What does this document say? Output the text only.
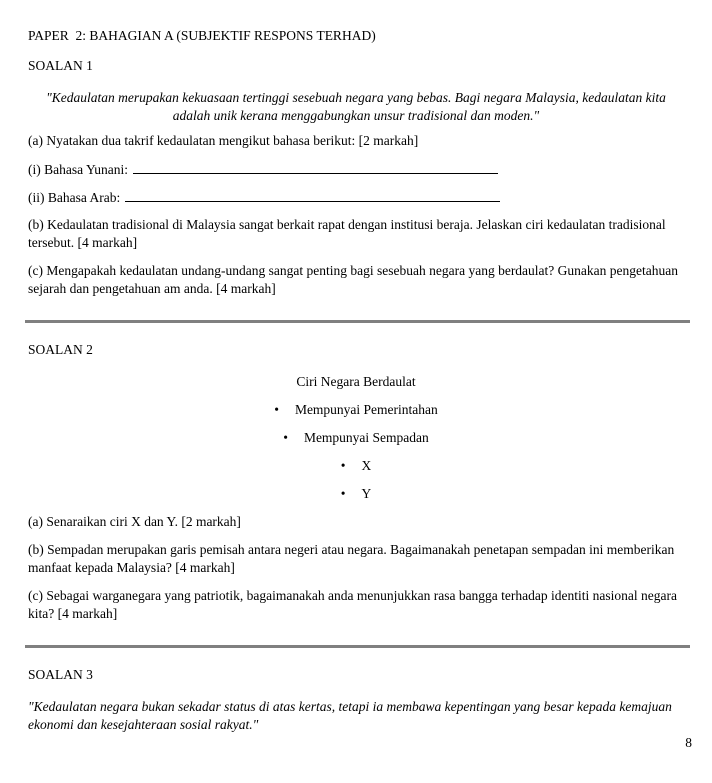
PAPER  2: BAHAGIAN A (SUBJEKTIF RESPONS TERHAD)
SOALAN 1
"Kedaulatan merupakan kekuasaan tertinggi sesebuah negara yang bebas. Bagi negara Malaysia, kedaulatan kita adalah unik kerana menggabungkan unsur tradisional dan moden."

(a) Nyatakan dua takrif kedaulatan mengikut bahasa berikut: [2 markah]

(i) Bahasa Yunani:
(ii) Bahasa Arab:

(b) Kedaulatan tradisional di Malaysia sangat berkait rapat dengan institusi beraja. Jelaskan ciri kedaulatan tradisional tersebut. [4 markah]

(c) Mengapakah kedaulatan undang-undang sangat penting bagi sesebuah negara yang berdaulat? Gunakan pengetahuan sejarah dan pengetahuan am anda. [4 markah]

SOALAN 2
Ciri Negara Berdaulat
• Mempunyai Pemerintahan
• Mempunyai Sempadan
• X
• Y

(a) Senaraikan ciri X dan Y. [2 markah]

(b) Sempadan merupakan garis pemisah antara negeri atau negara. Bagaimanakah penetapan sempadan ini memberikan manfaat kepada Malaysia? [4 markah]

(c) Sebagai warganegara yang patriotik, bagaimanakah anda menunjukkan rasa bangga terhadap identiti nasional negara kita? [4 markah]

SOALAN 3
"Kedaulatan negara bukan sekadar status di atas kertas, tetapi ia membawa kepentingan yang besar kepada kemajuan ekonomi dan kesejahteraan sosial rakyat."
8
